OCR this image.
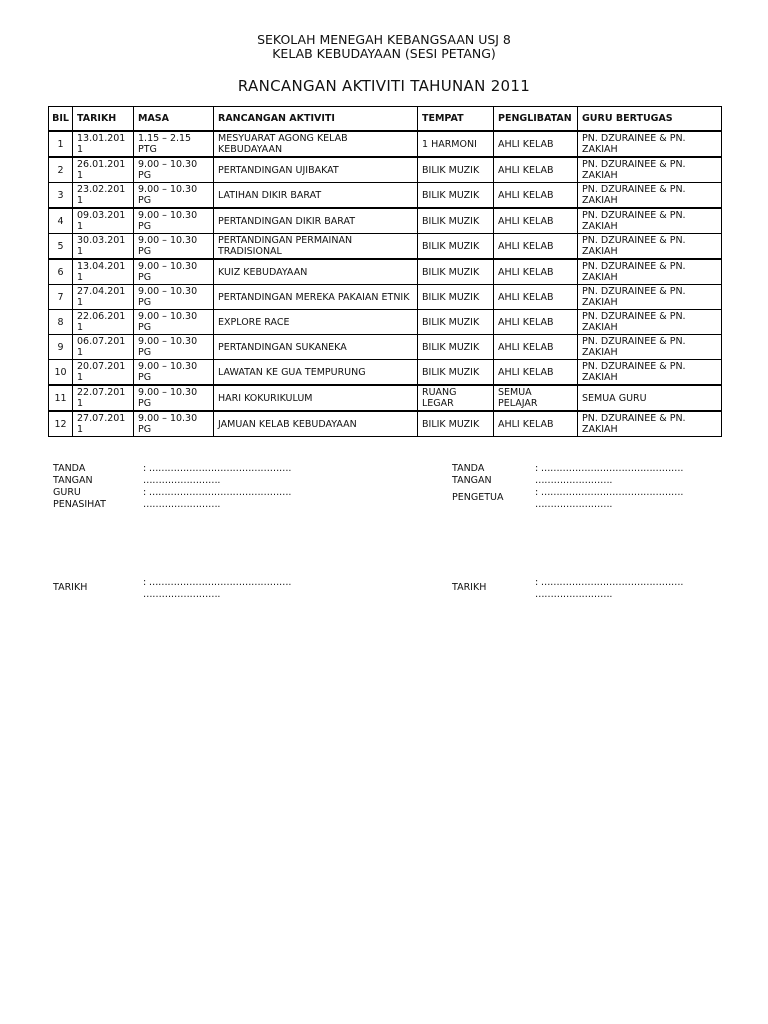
SEKOLAH MENEGAH KEBANGSAAN USJ 8
KELAB KEBUDAYAAN (SESI PETANG)
RANCANGAN AKTIVITI TAHUNAN 2011
BIL	TARIKH	MASA	RANCANGAN AKTIVITI	TEMPAT	PENGLIBATAN	GURU BERTUGAS
1	13.01.2011	1.15 – 2.15 PTG	MESYUARAT AGONG KELAB KEBUDAYAAN	1 HARMONI	AHLI KELAB	PN. DZURAINEE & PN. ZAKIAH
2	26.01.2011	9.00 – 10.30 PG	PERTANDINGAN UJIBAKAT	BILIK MUZIK	AHLI KELAB	PN. DZURAINEE & PN. ZAKIAH
3	23.02.2011	9.00 – 10.30 PG	LATIHAN DIKIR BARAT	BILIK MUZIK	AHLI KELAB	PN. DZURAINEE & PN. ZAKIAH
4	09.03.2011	9.00 – 10.30 PG	PERTANDINGAN DIKIR BARAT	BILIK MUZIK	AHLI KELAB	PN. DZURAINEE & PN. ZAKIAH
5	30.03.2011	9.00 – 10.30 PG	PERTANDINGAN PERMAINAN TRADISIONAL	BILIK MUZIK	AHLI KELAB	PN. DZURAINEE & PN. ZAKIAH
6	13.04.2011	9.00 – 10.30 PG	KUIZ KEBUDAYAAN	BILIK MUZIK	AHLI KELAB	PN. DZURAINEE & PN. ZAKIAH
7	27.04.2011	9.00 – 10.30 PG	PERTANDINGAN MEREKA PAKAIAN ETNIK	BILIK MUZIK	AHLI KELAB	PN. DZURAINEE & PN. ZAKIAH
8	22.06.2011	9.00 – 10.30 PG	EXPLORE RACE	BILIK MUZIK	AHLI KELAB	PN. DZURAINEE & PN. ZAKIAH
9	06.07.2011	9.00 – 10.30 PG	PERTANDINGAN SUKANEKA	BILIK MUZIK	AHLI KELAB	PN. DZURAINEE & PN. ZAKIAH
10	20.07.2011	9.00 – 10.30 PG	LAWATAN KE GUA TEMPURUNG	BILIK MUZIK	AHLI KELAB	PN. DZURAINEE & PN. ZAKIAH
11	22.07.2011	9.00 – 10.30 PG	HARI KOKURIKULUM	RUANG LEGAR	SEMUA PELAJAR	SEMUA GURU
12	27.07.2011	9.00 – 10.30 PG	JAMUAN KELAB KEBUDAYAAN	BILIK MUZIK	AHLI KELAB	PN. DZURAINEE & PN. ZAKIAH
TANDA TANGAN
: ……………………………………….
…………………….
GURU PENASIHAT
: ……………………………………….
…………………….
TARIKH	: ……………………………………….
…………………….
TANDA TANGAN
: ……………………………………….
…………………….
PENGETUA	: ……………………………………….
…………………….
TARIKH	: ……………………………………….
…………………….
